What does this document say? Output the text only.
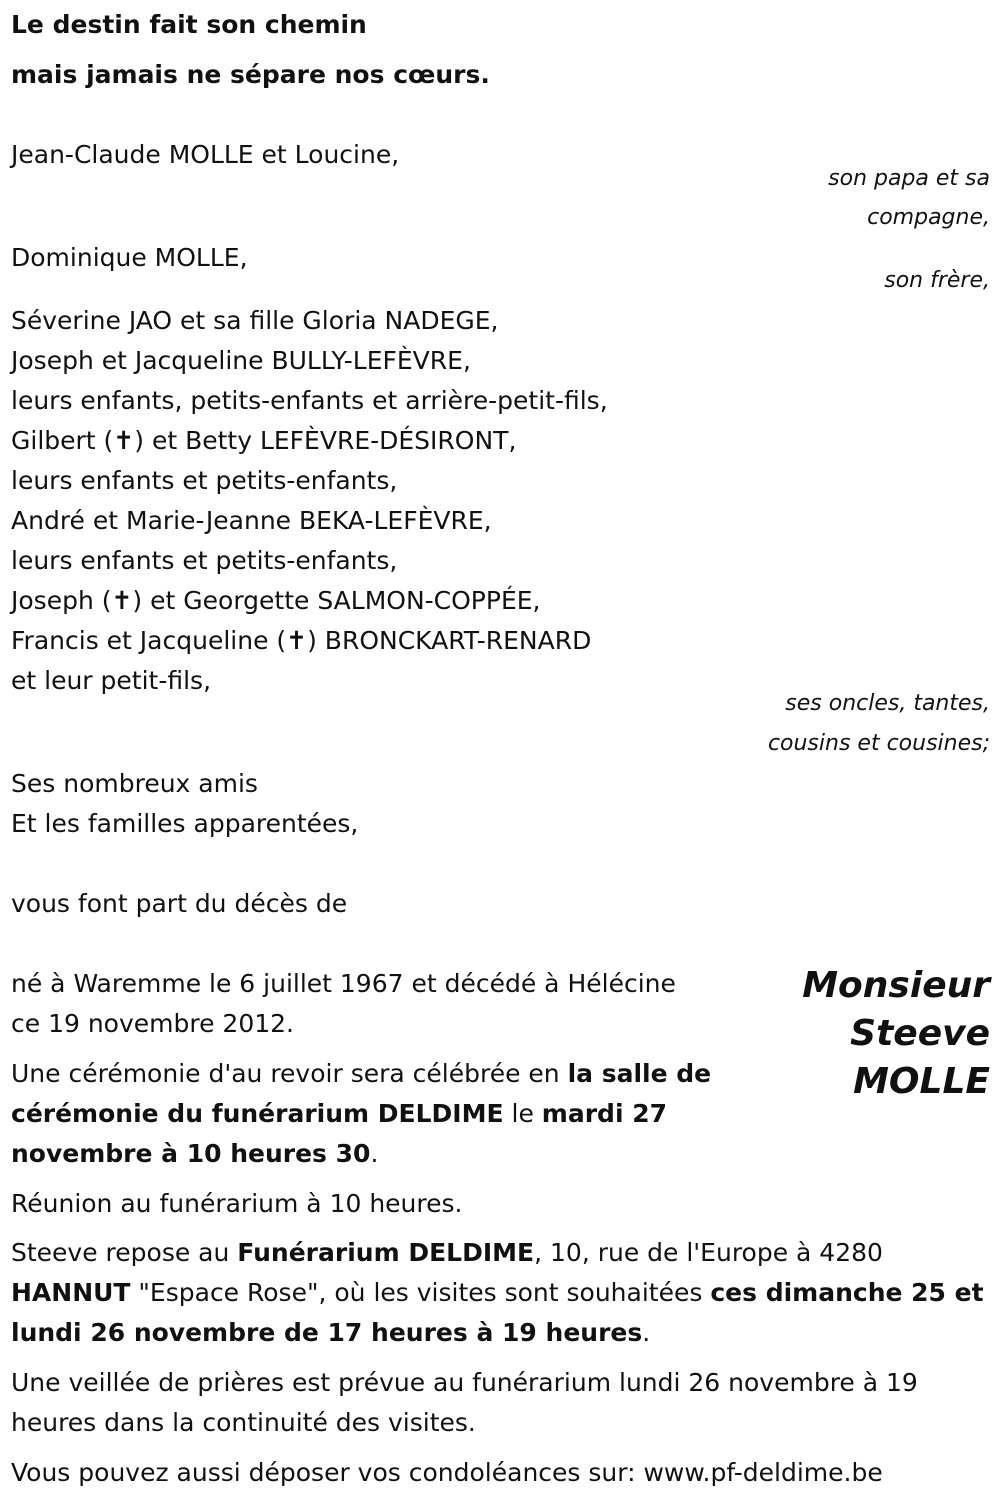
Le destin fait son chemin
mais jamais ne sépare nos cœurs.
Jean-Claude MOLLE et Loucine,
son papa et sa
compagne,
Dominique MOLLE,
son frère,
Séverine JAO et sa fille Gloria NADEGE,
Joseph et Jacqueline BULLY-LEFÈVRE,
leurs enfants, petits-enfants et arrière-petit-fils,
Gilbert (✝) et Betty LEFÈVRE-DÉSIRONT,
leurs enfants et petits-enfants,
André et Marie-Jeanne BEKA-LEFÈVRE,
leurs enfants et petits-enfants,
Joseph (✝) et Georgette SALMON-COPPÉE,
Francis et Jacqueline (✝) BRONCKART-RENARD
et leur petit-fils,
ses oncles, tantes,
cousins et cousines;
Ses nombreux amis
Et les familles apparentées,
vous font part du décès de
Monsieur
Steeve
MOLLE
né à Waremme le 6 juillet 1967 et décédé à Hélécine
ce 19 novembre 2012.
Une cérémonie d'au revoir sera célébrée en la salle de cérémonie du funérarium DELDIME le mardi 27 novembre à 10 heures 30.
Réunion au funérarium à 10 heures.
Steeve repose au Funérarium DELDIME, 10, rue de l'Europe à 4280 HANNUT "Espace Rose", où les visites sont souhaitées ces dimanche 25 et lundi 26 novembre de 17 heures à 19 heures.
Une veillée de prières est prévue au funérarium lundi 26 novembre à 19 heures dans la continuité des visites.
Vous pouvez aussi déposer vos condoléances sur: www.pf-deldime.be
